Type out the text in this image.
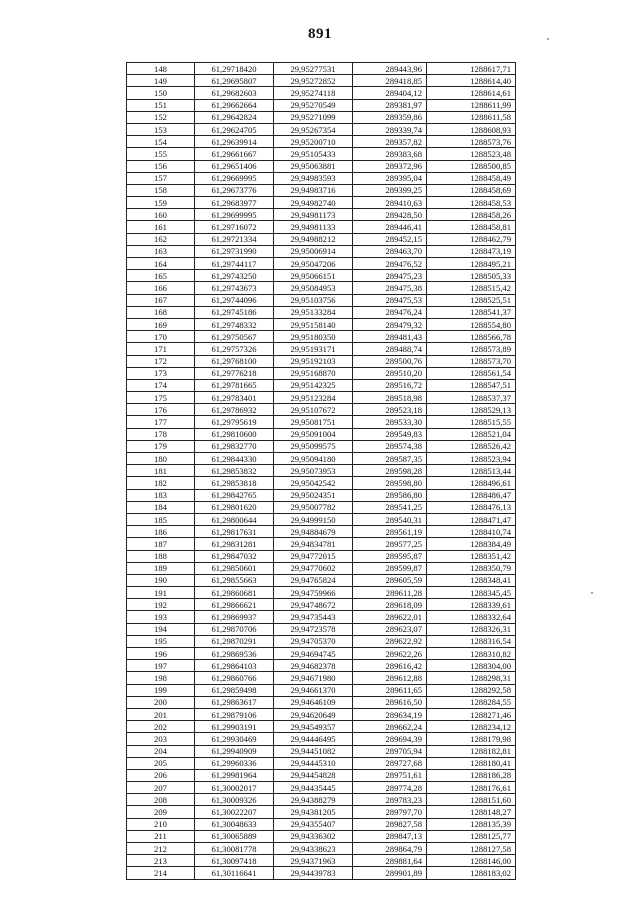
891
148	61,29718420	29,95277531	289443,96	1288617,71
149	61,29695807	29,95272852	289418,85	1288614,40
150	61,29682603	29,95274118	289404,12	1288614,61
151	61,29662664	29,95270549	289381,97	1288611,99
152	61,29642824	29,95271099	289359,86	1288611,58
153	61,29624705	29,95267354	289339,74	1288608,93
154	61,29639914	29,95200710	289357,82	1288573,76
155	61,29661667	29,95105433	289383,68	1288523,48
156	61,29651406	29,95063881	289372,96	1288500,85
157	61,29669995	29,94983593	289395,04	1288458,49
158	61,29673776	29,94983716	289399,25	1288458,69
159	61,29683977	29,94982740	289410,63	1288458,53
160	61,29699995	29,94981173	289428,50	1288458,26
161	61,29716072	29,94981133	289446,41	1288458,81
162	61,29721334	29,94988212	289452,15	1288462,79
163	61,29731990	29,95006914	289463,70	1288473,19
164	61,29744117	29,95047206	289476,52	1288495,21
165	61,29743250	29,95066151	289475,23	1288505,33
166	61,29743673	29,95084953	289475,38	1288515,42
167	61,29744096	29,95103756	289475,53	1288525,51
168	61,29745186	29,95133284	289476,24	1288541,37
169	61,29748332	29,95158140	289479,32	1288554,80
170	61,29750567	29,95180350	289481,43	1288566,78
171	61,29757326	29,95193171	289488,74	1288573,89
172	61,29768100	29,95192103	289500,76	1288573,70
173	61,29776218	29,95168870	289510,20	1288561,54
174	61,29781665	29,95142325	289516,72	1288547,51
175	61,29783401	29,95123284	289518,98	1288537,37
176	61,29786932	29,95107672	289523,18	1288529,13
177	61,29795619	29,95081751	289533,30	1288515,55
178	61,29810600	29,95091004	289549,83	1288521,04
179	61,29832770	29,95099575	289574,38	1288526,42
180	61,29844330	29,95094180	289587,35	1288523,94
181	61,29853832	29,95073953	289598,28	1288513,44
182	61,29853818	29,95042542	289598,80	1288496,61
183	61,29842765	29,95024351	289586,80	1288486,47
184	61,29801620	29,95007782	289541,25	1288476,13
185	61,29800644	29,94999150	289540,31	1288471,47
186	61,29817631	29,94884679	289561,19	1288410,74
187	61,29831281	29,94834781	289577,25	1288384,49
188	61,29847032	29,94772015	289595,87	1288351,42
189	61,29850601	29,94770602	289599,87	1288350,79
190	61,29855663	29,94765824	289605,59	1288348,41
191	61,29860681	29,94759966	289611,28	1288345,45
192	61,29866621	29,94748672	289618,09	1288339,61
193	61,29869937	29,94735443	289622,01	1288332,64
194	61,29870706	29,94723578	289623,07	1288326,31
195	61,29870291	29,94705370	289622,92	1288316,54
196	61,29869536	29,94694745	289622,26	1288310,82
197	61,29864103	29,94682378	289616,42	1288304,00
198	61,29860766	29,94671980	289612,88	1288298,31
199	61,29859498	29,94661370	289611,65	1288292,58
200	61,29863617	29,94646109	289616,50	1288284,55
201	61,29879106	29,94620649	289634,19	1288271,46
202	61,29903191	29,94549357	289662,24	1288234,12
203	61,29930469	29,94446495	289694,39	1288179,98
204	61,29940909	29,94451082	289705,94	1288182,81
205	61,29960336	29,94445310	289727,68	1288180,41
206	61,29981964	29,94454828	289751,61	1288186,28
207	61,30002017	29,94435445	289774,28	1288176,61
208	61,30009326	29,94388279	289783,23	1288151,60
209	61,30022207	29,94381205	289797,70	1288148,27
210	61,30048633	29,94355407	289827,58	1288135,39
211	61,30065889	29,94336302	289847,13	1288125,77
212	61,30081778	29,94338623	289864,79	1288127,58
213	61,30097418	29,94371963	289881,64	1288146,00
214	61,30116641	29,94439783	289901,89	1288183,02
